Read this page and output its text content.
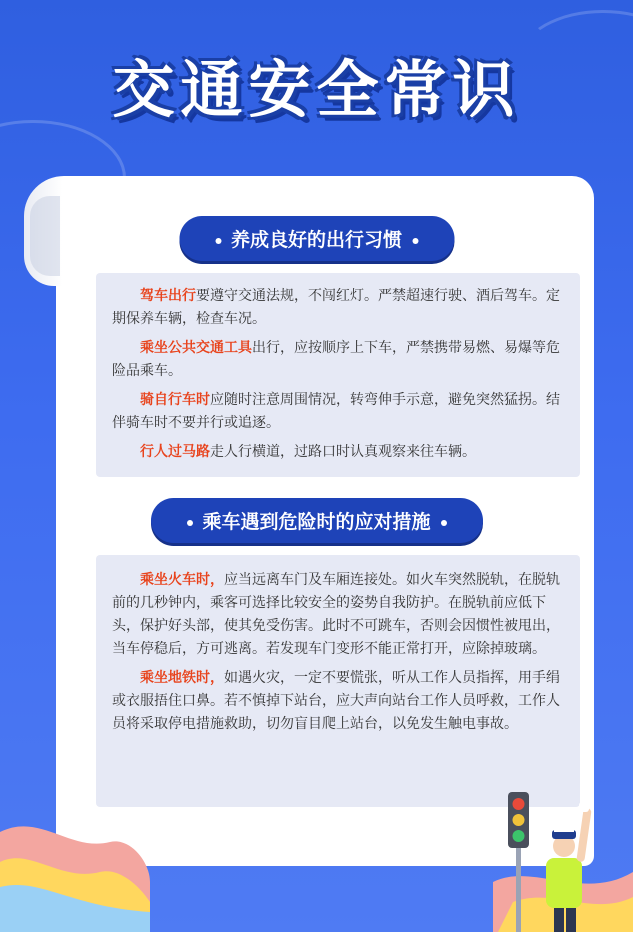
交通安全常识
养成良好的出行习惯

驾车出行要遵守交通法规，不闯红灯。严禁超速行驶、酒后驾车。定期保养车辆，检查车况。

乘坐公共交通工具出行，应按顺序上下车，严禁携带易燃、易爆等危险品乘车。

骑自行车时应随时注意周围情况，转弯伸手示意，避免突然猛拐。结伴骑车时不要并行或追逐。

行人过马路走人行横道，过路口时认真观察来往车辆。

乘车遇到危险时的应对措施

乘坐火车时，应当远离车门及车厢连接处。如火车突然脱轨，在脱轨前的几秒钟内，乘客可选择比较安全的姿势自我防护。在脱轨前应低下头，保护好头部，使其免受伤害。此时不可跳车，否则会因惯性被甩出，当车停稳后，方可逃离。若发现车门变形不能正常打开，应除掉玻璃。

乘坐地铁时，如遇火灾，一定不要慌张，听从工作人员指挥，用手绢或衣服捂住口鼻。若不慎掉下站台，应大声向站台工作人员呼救，工作人员将采取停电措施救助，切勿盲目爬上站台，以免发生触电事故。
